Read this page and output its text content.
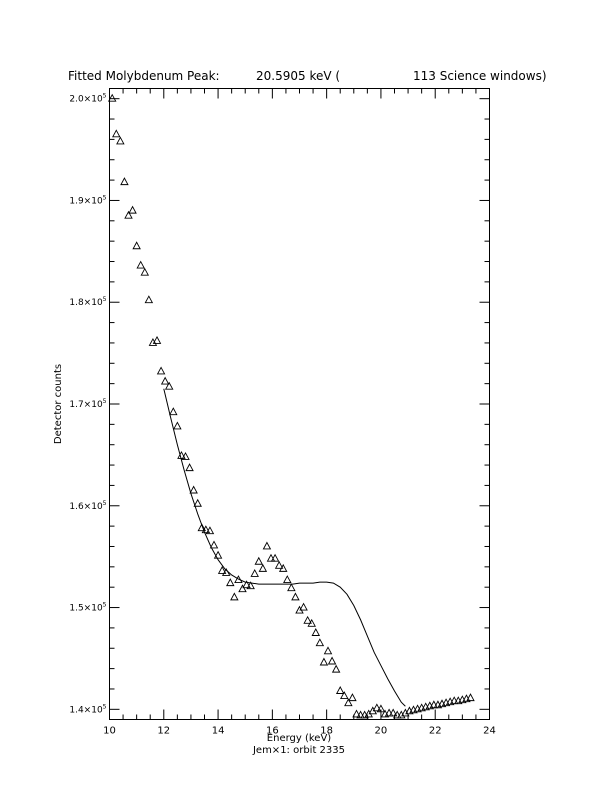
Fitted Molybdenum Peak:	20.5905 keV (	113 Science windows)
10	12	14	16	18	20	22	24
$1.4\times 10^5$
$1.5\times 10^5$
$1.6\times 10^5$
$1.7\times 10^5$
$1.8\times 10^5$
$1.9\times 10^5$
$2.0\times 10^5$
Energy (keV)
Jem×1: orbit 2335
Detector counts
